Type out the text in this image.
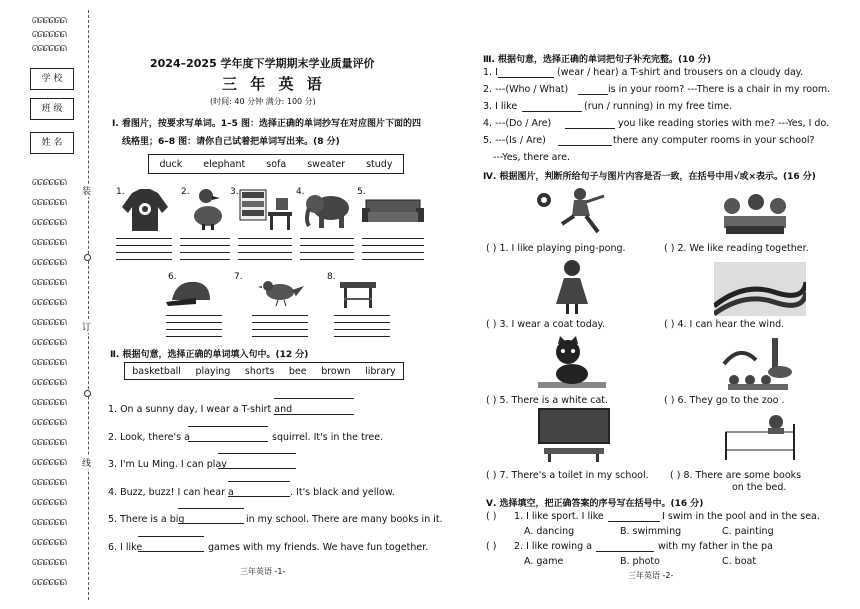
ᘏᘏᘏᘏᘏᘏ
ᘏᘏᘏᘏᘏᘏ
ᘏᘏᘏᘏᘏᘏ
学 校
班 级
姓 名
ᘏᘏᘏᘏᘏᘏ
ᘏᘏᘏᘏᘏᘏ
ᘏᘏᘏᘏᘏᘏ
ᘏᘏᘏᘏᘏᘏ
ᘏᘏᘏᘏᘏᘏ
ᘏᘏᘏᘏᘏᘏ
ᘏᘏᘏᘏᘏᘏ
ᘏᘏᘏᘏᘏᘏ
ᘏᘏᘏᘏᘏᘏ
ᘏᘏᘏᘏᘏᘏ
ᘏᘏᘏᘏᘏᘏ
ᘏᘏᘏᘏᘏᘏ
ᘏᘏᘏᘏᘏᘏ
ᘏᘏᘏᘏᘏᘏ
ᘏᘏᘏᘏᘏᘏ
ᘏᘏᘏᘏᘏᘏ
ᘏᘏᘏᘏᘏᘏ
ᘏᘏᘏᘏᘏᘏ
ᘏᘏᘏᘏᘏᘏ
ᘏᘏᘏᘏᘏᘏ
ᘏᘏᘏᘏᘏᘏ
装
订
线
2024–2025 学年度下学期期末学业质量评价
三 年 英 语
(时间: 40 分钟 满分: 100 分)
Ⅰ. 看图片，按要求写单词。1–5 图：选择正确的单词抄写在对应图片下面的四
线格里；6–8 图：请你自己试着把单词写出来。(8 分)
duck elephant sofa sweater study
1.	2.	3.	4.	5.
6.	7.	8.
Ⅱ. 根据句意，选择正确的单词填入句中。(12 分)
basketball playing shorts bee brown library
1. On a sunny day, I wear a T-shirt and
2. Look, there's a	squirrel. It's in the tree.
3. I'm Lu Ming. I can play
4. Buzz, buzz! I can hear a	. It's black and yellow.
5. There is a big	in my school. There are many books in it.
6. I like	games with my friends. We have fun together.
三年英语 -1-
Ⅲ. 根据句意，选择正确的单词把句子补充完整。(10 分)
1. I	(wear / hear) a T-shirt and trousers on a cloudy day.
2. ---(Who / What)	is in your room? ---There is a chair in my room.
3. I like	(run / running) in my free time.
4. ---(Do / Are)	you like reading stories with me? ---Yes, I do.
5. ---(Is / Are)	there any computer rooms in your school?
---Yes, there are.
Ⅳ. 根据图片，判断所给句子与图片内容是否一致，在括号中用√或×表示。(16 分)
( ) 1. I like playing ping-pong.	( ) 2. We like reading together.
( ) 3. I wear a coat today.	( ) 4. I can hear the wind.
( ) 5. There is a white cat.	( ) 6. They go to the zoo .
( ) 7. There's a toilet in my school. ( ) 8. There are some books
on the bed.
Ⅴ. 选择填空，把正确答案的序号写在括号中。(16 分)
( ) 1. I like sport. I like	I swim in the pool and in the sea.
A. dancing	B. swimming	C. painting
( ) 2. I like rowing a	with my father in the pa
A. game	B. photo	C. boat
三年英语 -2-
